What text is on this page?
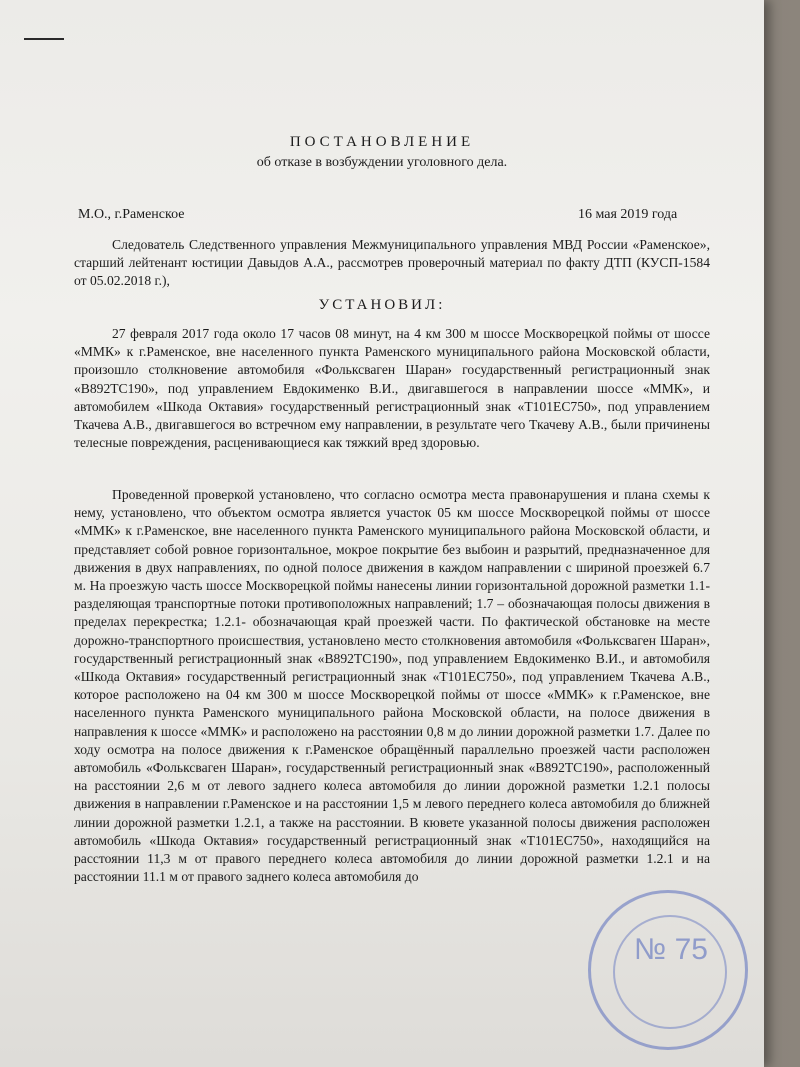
ПОСТАНОВЛЕНИЕ
об отказе в возбуждении уголовного дела.
М.О., г.Раменское	16 мая 2019 года

Следователь Следственного управления Межмуниципального управления МВД России «Раменское», старший лейтенант юстиции Давыдов А.А., рассмотрев проверочный материал по факту ДТП (КУСП-1584 от 05.02.2018 г.),

УСТАНОВИЛ:

27 февраля 2017 года около 17 часов 08 минут, на 4 км 300 м шоссе Москворецкой поймы от шоссе «ММК» к г.Раменское, вне населенного пункта Раменского муниципального района Московской области, произошло столкновение автомобиля «Фольксваген Шаран» государственный регистрационный знак «В892ТС190», под управлением Евдокименко В.И., двигавшегося в направлении шоссе «ММК», и автомобилем «Шкода Октавия» государственный регистрационный знак «Т101ЕС750», под управлением Ткачева А.В., двигавшегося во встречном ему направлении, в результате чего Ткачеву А.В., были причинены телесные повреждения, расценивающиеся как тяжкий вред здоровью.

Проведенной проверкой установлено, что согласно осмотра места правонарушения и плана схемы к нему, установлено, что объектом осмотра является участок 05 км шоссе Москворецкой поймы от шоссе «ММК» к г.Раменское, вне населенного пункта Раменского муниципального района Московской области, и представляет собой ровное горизонтальное, мокрое покрытие без выбоин и разрытий, предназначенное для движения в двух направлениях, по одной полосе движения в каждом направлении с шириной проезжей 6.7 м. На проезжую часть шоссе Москворецкой поймы нанесены линии горизонтальной дорожной разметки 1.1- разделяющая транспортные потоки противоположных направлений; 1.7 – обозначающая полосы движения в пределах перекрестка; 1.2.1- обозначающая край проезжей части. По фактической обстановке на месте дорожно-транспортного происшествия, установлено место столкновения автомобиля «Фольксваген Шаран», государственный регистрационный знак «В892ТС190», под управлением Евдокименко В.И., и автомобиля «Шкода Октавия» государственный регистрационный знак «Т101ЕС750», под управлением Ткачева А.В., которое расположено на 04 км 300 м шоссе Москворецкой поймы от шоссе «ММК» к г.Раменское, вне населенного пункта Раменского муниципального района Московской области, на полосе движения в направления к шоссе «ММК» и расположено на расстоянии 0,8 м до линии дорожной разметки 1.7. Далее по ходу осмотра на полосе движения к г.Раменское обращённый параллельно проезжей части расположен автомобиль «Фольксваген Шаран», государственный регистрационный знак «В892ТС190», расположенный на расстоянии 2,6 м от левого заднего колеса автомобиля до линии дорожной разметки 1.2.1 полосы движения в направлении г.Раменское и на расстоянии 1,5 м левого переднего колеса автомобиля до ближней линии дорожной разметки 1.2.1, а также на расстоянии. В кювете указанной полосы движения расположен автомобиль «Шкода Октавия» государственный регистрационный знак «Т101ЕС750», находящийся на расстоянии 11,3 м от правого переднего колеса автомобиля до линии дорожной разметки 1.2.1 и на расстоянии 11.1 м от правого заднего колеса автомобиля до

№ 75
